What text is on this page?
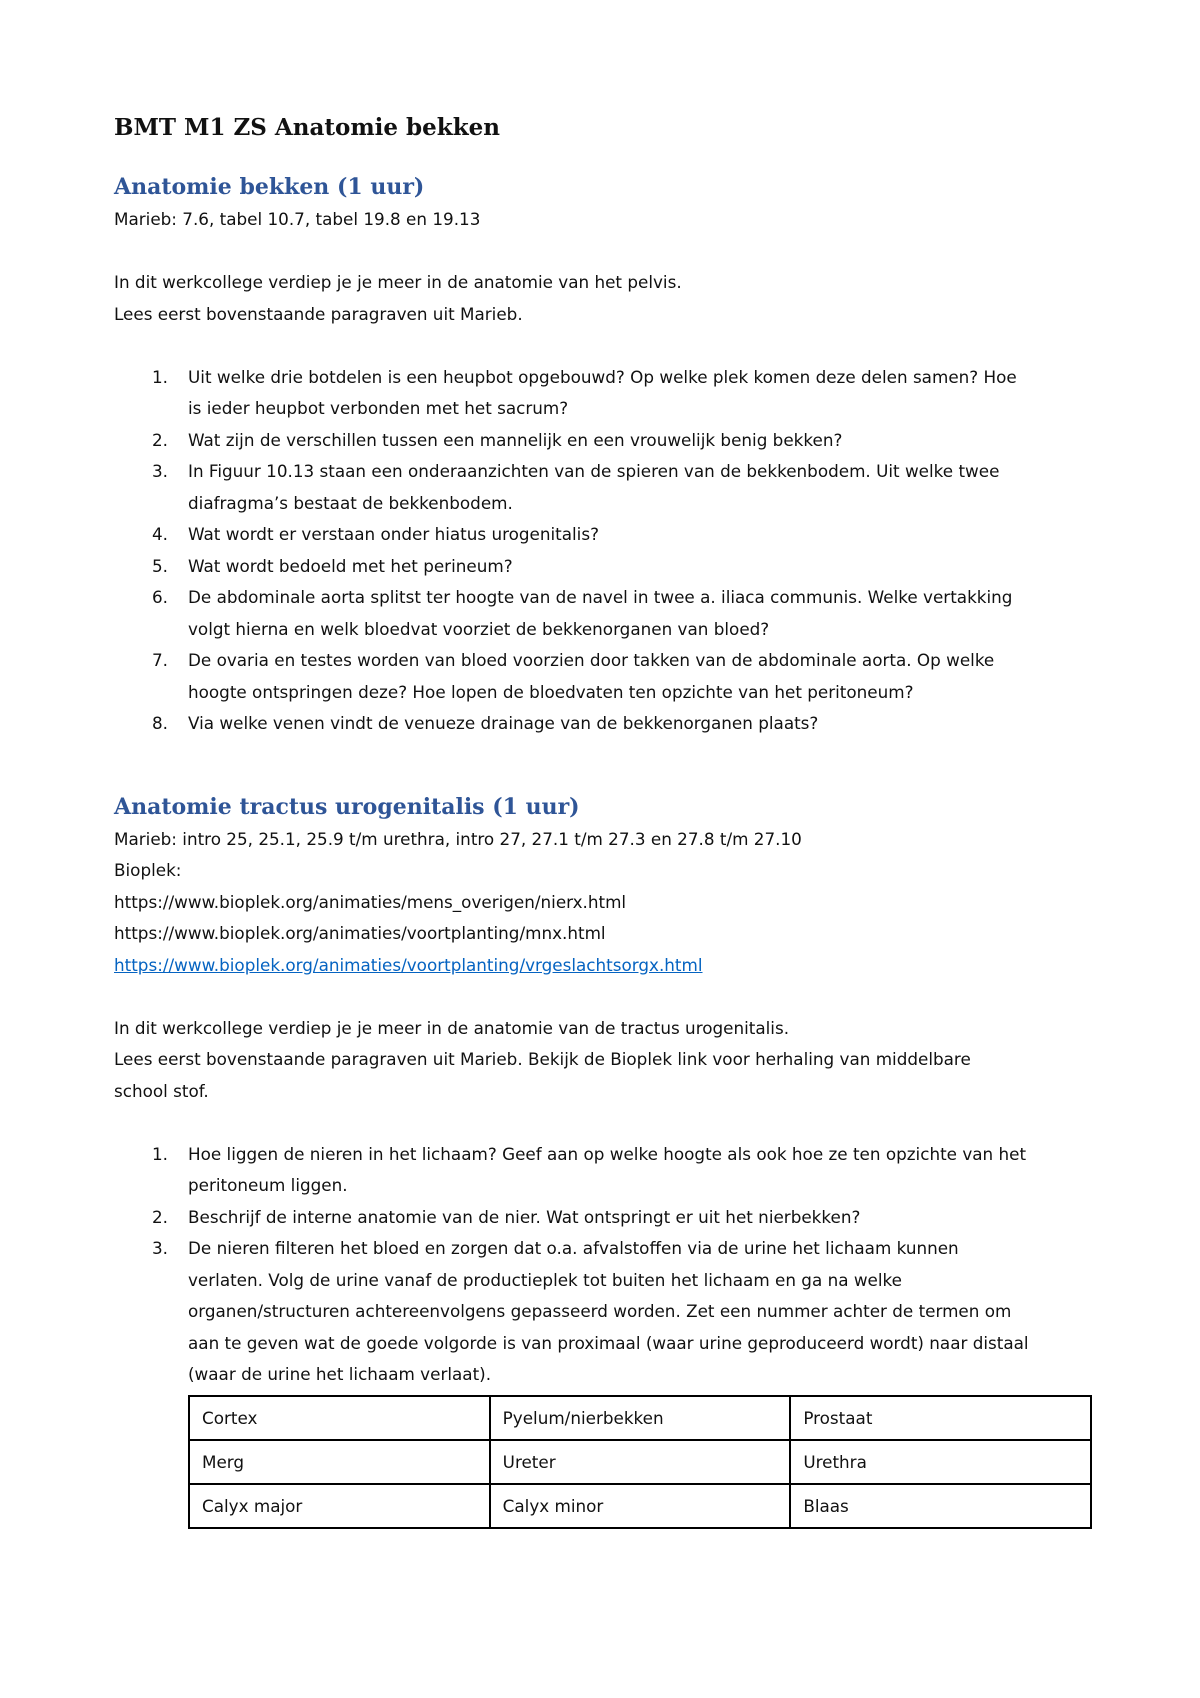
BMT M1 ZS Anatomie bekken
Anatomie bekken (1 uur)

Marieb: 7.6, tabel 10.7, tabel 19.8 en 19.13

In dit werkcollege verdiep je je meer in de anatomie van het pelvis.

Lees eerst bovenstaande paragraven uit Marieb.

1. Uit welke drie botdelen is een heupbot opgebouwd? Op welke plek komen deze delen samen? Hoe
is ieder heupbot verbonden met het sacrum?
2. Wat zijn de verschillen tussen een mannelijk en een vrouwelijk benig bekken?
3. In Figuur 10.13 staan een onderaanzichten van de spieren van de bekkenbodem. Uit welke twee
diafragma’s bestaat de bekkenbodem.
4. Wat wordt er verstaan onder hiatus urogenitalis?
5. Wat wordt bedoeld met het perineum?
6. De abdominale aorta splitst ter hoogte van de navel in twee a. iliaca communis. Welke vertakking
volgt hierna en welk bloedvat voorziet de bekkenorganen van bloed?
7. De ovaria en testes worden van bloed voorzien door takken van de abdominale aorta. Op welke
hoogte ontspringen deze? Hoe lopen de bloedvaten ten opzichte van het peritoneum?
8. Via welke venen vindt de venueze drainage van de bekkenorganen plaats?
Anatomie tractus urogenitalis (1 uur)

Marieb: intro 25, 25.1, 25.9 t/m urethra, intro 27, 27.1 t/m 27.3 en 27.8 t/m 27.10

Bioplek:

https://www.bioplek.org/animaties/mens_overigen/nierx.html

https://www.bioplek.org/animaties/voortplanting/mnx.html

https://www.bioplek.org/animaties/voortplanting/vrgeslachtsorgx.html

In dit werkcollege verdiep je je meer in de anatomie van de tractus urogenitalis.

Lees eerst bovenstaande paragraven uit Marieb. Bekijk de Bioplek link voor herhaling van middelbare

school stof.

1. Hoe liggen de nieren in het lichaam? Geef aan op welke hoogte als ook hoe ze ten opzichte van het
peritoneum liggen.
2. Beschrijf de interne anatomie van de nier. Wat ontspringt er uit het nierbekken?
3. De nieren filteren het bloed en zorgen dat o.a. afvalstoffen via de urine het lichaam kunnen
verlaten. Volg de urine vanaf de productieplek tot buiten het lichaam en ga na welke
organen/structuren achtereenvolgens gepasseerd worden. Zet een nummer achter de termen om
aan te geven wat de goede volgorde is van proximaal (waar urine geproduceerd wordt) naar distaal
(waar de urine het lichaam verlaat).
Cortex	Pyelum/nierbekken	Prostaat
Merg	Ureter	Urethra
Calyx major	Calyx minor	Blaas
